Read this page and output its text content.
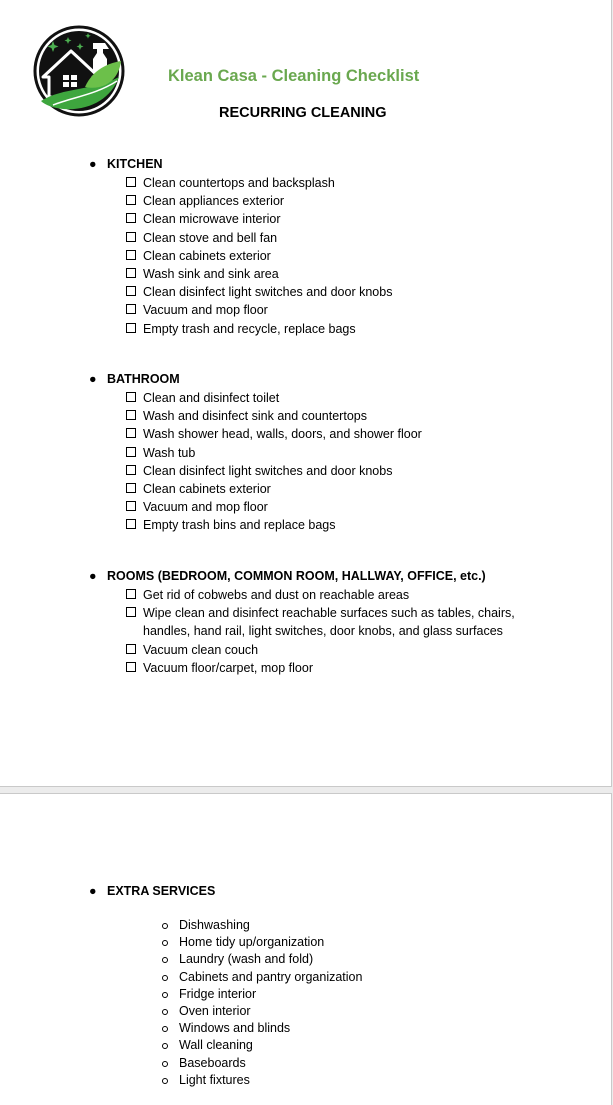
Klean Casa - Cleaning Checklist
RECURRING CLEANING
● KITCHEN
Clean countertops and backsplash
Clean appliances exterior
Clean microwave interior
Clean stove and bell fan
Clean cabinets exterior
Wash sink and sink area
Clean disinfect light switches and door knobs
Vacuum and mop floor
Empty trash and recycle, replace bags
● BATHROOM
Clean and disinfect toilet
Wash and disinfect sink and countertops
Wash shower head, walls, doors, and shower floor
Wash tub
Clean disinfect light switches and door knobs
Clean cabinets exterior
Vacuum and mop floor
Empty trash bins and replace bags
● ROOMS (BEDROOM, COMMON ROOM, HALLWAY, OFFICE, etc.)
Get rid of cobwebs and dust on reachable areas
Wipe clean and disinfect reachable surfaces such as tables, chairs, handles, hand rail, light switches, door knobs, and glass surfaces
Vacuum clean couch
Vacuum floor/carpet, mop floor
● EXTRA SERVICES
Dishwashing
Home tidy up/organization
Laundry (wash and fold)
Cabinets and pantry organization
Fridge interior
Oven interior
Windows and blinds
Wall cleaning
Baseboards
Light fixtures
